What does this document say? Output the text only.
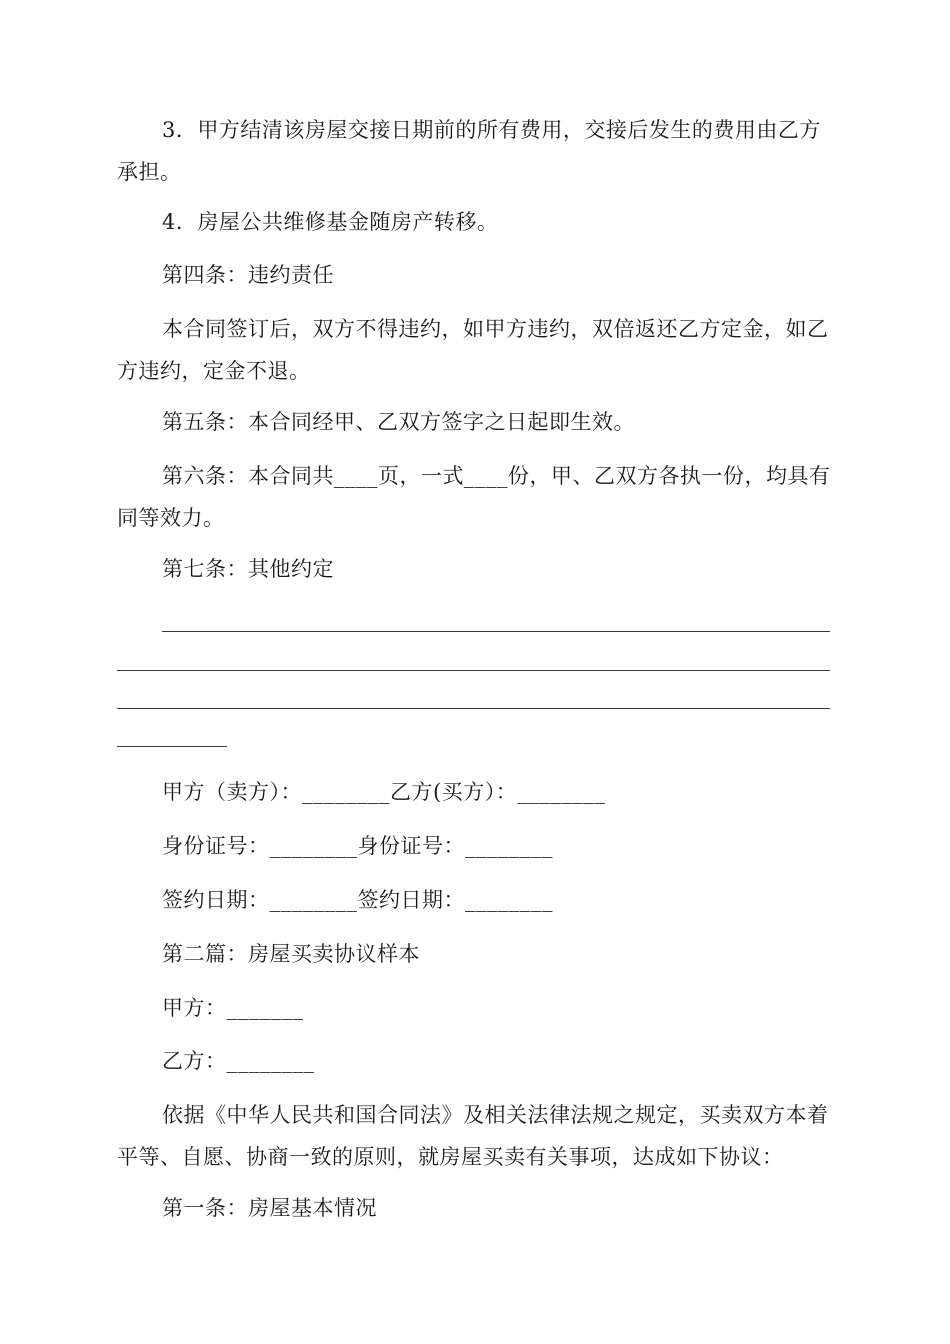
3．甲方结清该房屋交接日期前的所有费用，交接后发生的费用由乙方承担。

4．房屋公共维修基金随房产转移。

第四条：违约责任

本合同签订后，双方不得违约，如甲方违约，双倍返还乙方定金，如乙方违约，定金不退。

第五条：本合同经甲、乙双方签字之日起即生效。

第六条：本合同共____页，一式____份，甲、乙双方各执一份，均具有同等效力。

第七条：其他约定

甲方（卖方）：________乙方(买方）：________

身份证号：________身份证号：________

签约日期：________签约日期：________

第二篇：房屋买卖协议样本

甲方：_______

乙方：________

依据《中华人民共和国合同法》及相关法律法规之规定，买卖双方本着平等、自愿、协商一致的原则，就房屋买卖有关事项，达成如下协议：

第一条：房屋基本情况
